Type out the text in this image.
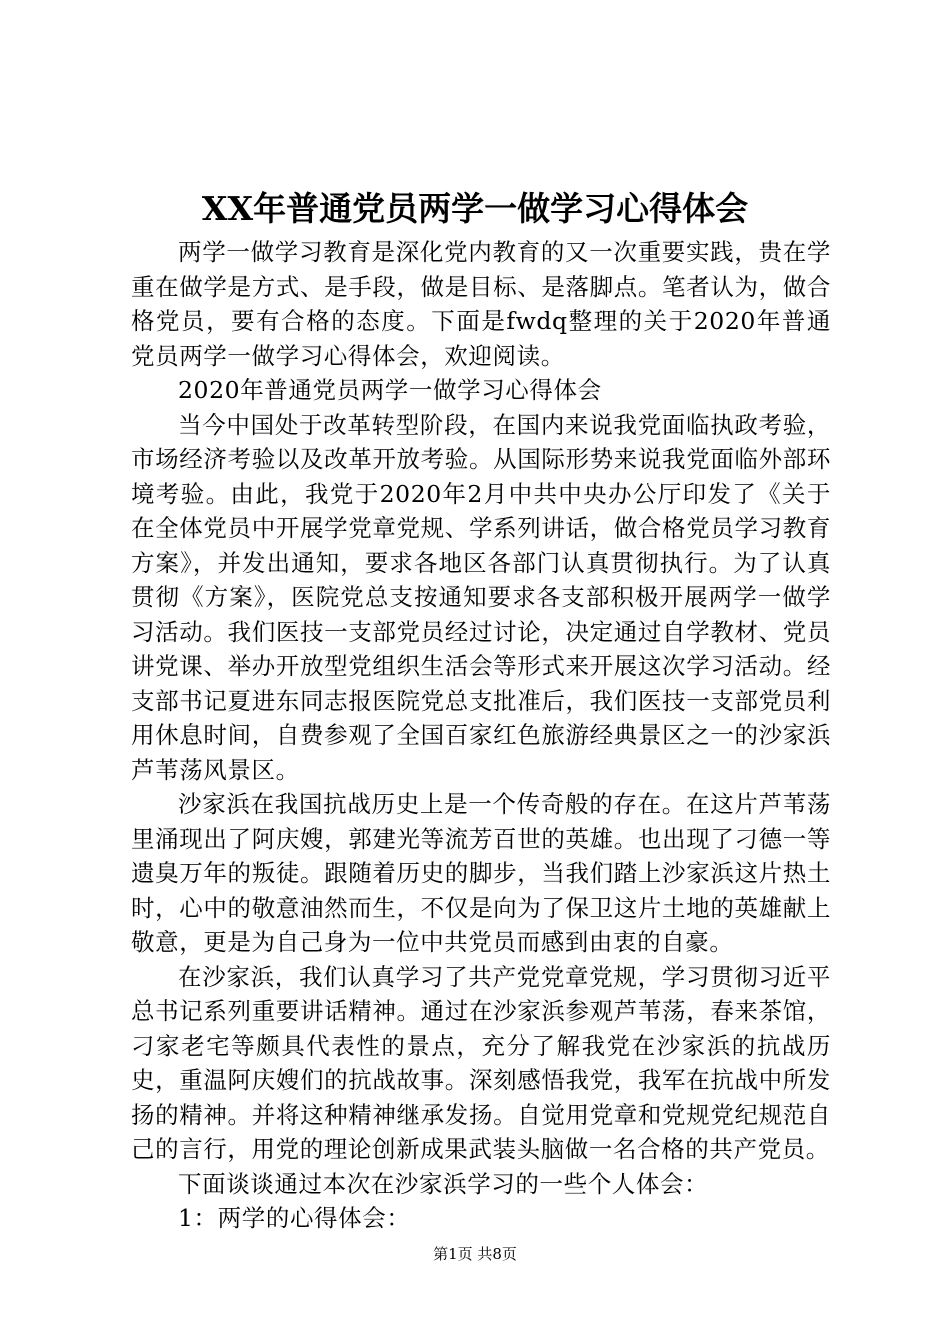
XX年普通党员两学一做学习心得体会

两学一做学习教育是深化党内教育的又一次重要实践，贵在学重在做学是方式、是手段，做是目标、是落脚点。笔者认为，做合格党员，要有合格的态度。下面是fwdq整理的关于2020年普通党员两学一做学习心得体会，欢迎阅读。

2020年普通党员两学一做学习心得体会

当今中国处于改革转型阶段，在国内来说我党面临执政考验，市场经济考验以及改革开放考验。从国际形势来说我党面临外部环境考验。由此，我党于2020年2月中共中央办公厅印发了《关于在全体党员中开展学党章党规、学系列讲话，做合格党员学习教育方案》，并发出通知，要求各地区各部门认真贯彻执行。为了认真贯彻《方案》，医院党总支按通知要求各支部积极开展两学一做学习活动。我们医技一支部党员经过讨论，决定通过自学教材、党员讲党课、举办开放型党组织生活会等形式来开展这次学习活动。经支部书记夏进东同志报医院党总支批准后，我们医技一支部党员利用休息时间，自费参观了全国百家红色旅游经典景区之一的沙家浜芦苇荡风景区。

沙家浜在我国抗战历史上是一个传奇般的存在。在这片芦苇荡里涌现出了阿庆嫂，郭建光等流芳百世的英雄。也出现了刁德一等遗臭万年的叛徒。跟随着历史的脚步，当我们踏上沙家浜这片热土时，心中的敬意油然而生，不仅是向为了保卫这片土地的英雄献上敬意，更是为自己身为一位中共党员而感到由衷的自豪。

在沙家浜，我们认真学习了共产党党章党规，学习贯彻习近平总书记系列重要讲话精神。通过在沙家浜参观芦苇荡，春来茶馆，刁家老宅等颇具代表性的景点，充分了解我党在沙家浜的抗战历史，重温阿庆嫂们的抗战故事。深刻感悟我党，我军在抗战中所发扬的精神。并将这种精神继承发扬。自觉用党章和党规党纪规范自己的言行，用党的理论创新成果武装头脑做一名合格的共产党员。

下面谈谈通过本次在沙家浜学习的一些个人体会：

1：两学的心得体会：

第1页 共8页
